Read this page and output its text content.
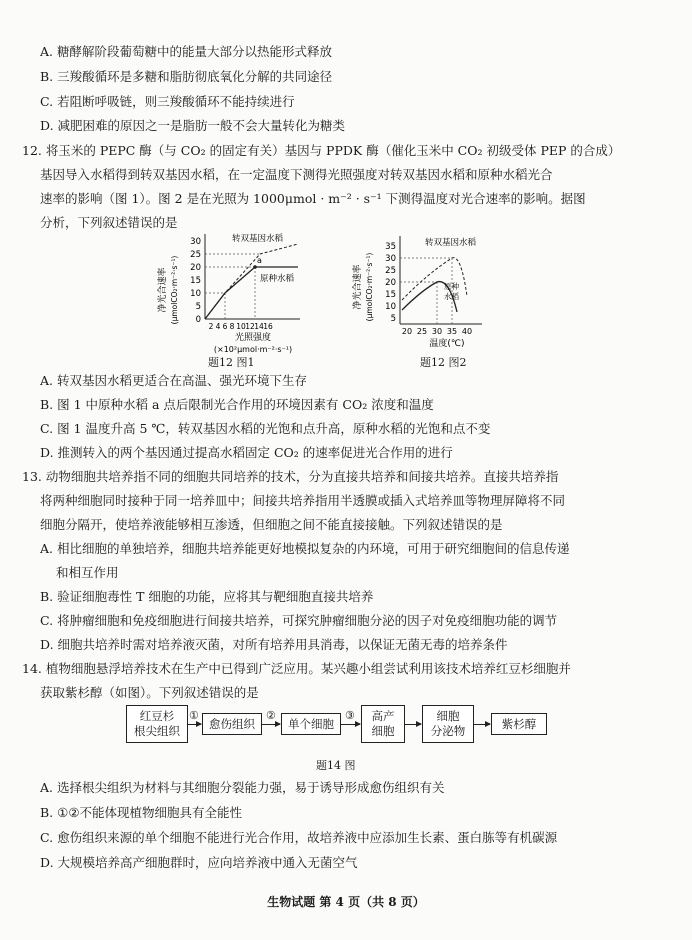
A. 糖酵解阶段葡萄糖中的能量大部分以热能形式释放
B. 三羧酸循环是多糖和脂肪彻底氧化分解的共同途径
C. 若阻断呼吸链，则三羧酸循环不能持续进行
D. 减肥困难的原因之一是脂肪一般不会大量转化为糖类
12. 将玉米的 PEPC 酶（与 CO₂ 的固定有关）基因与 PPDK 酶（催化玉米中 CO₂ 初级受体 PEP 的合成）
基因导入水稻得到转双基因水稻，在一定温度下测得光照强度对转双基因水稻和原种水稻光合
速率的影响（图 1）。图 2 是在光照为 1000μmol · m⁻² · s⁻¹ 下测得温度对光合速率的影响。据图
分析，下列叙述错误的是
净光合速率 (μmolCO₂·m⁻²·s⁻¹)
30
25
20
15
10
5
0
a
转双基因水稻
原种水稻
2 4 6 8 10 12 14 16
光照强度
(×10²μmol·m⁻²·s⁻¹)
题12 图1
净光合速率 (μmolCO₂·m⁻²·s⁻¹)
35
30
25
20
15
10
5
转双基因水稻
原种
水稻
20 25 30 35 40
温度(℃)
题12 图2
A. 转双基因水稻更适合在高温、强光环境下生存
B. 图 1 中原种水稻 a 点后限制光合作用的环境因素有 CO₂ 浓度和温度
C. 图 1 温度升高 5 ℃，转双基因水稻的光饱和点升高，原种水稻的光饱和点不变
D. 推测转入的两个基因通过提高水稻固定 CO₂ 的速率促进光合作用的进行
13. 动物细胞共培养指不同的细胞共同培养的技术，分为直接共培养和间接共培养。直接共培养指
将两种细胞同时接种于同一培养皿中；间接共培养指用半透膜或插入式培养皿等物理屏障将不同
细胞分隔开，使培养液能够相互渗透，但细胞之间不能直接接触。下列叙述错误的是
A. 相比细胞的单独培养，细胞共培养能更好地模拟复杂的内环境，可用于研究细胞间的信息传递
和相互作用
B. 验证细胞毒性 T 细胞的功能，应将其与靶细胞直接共培养
C. 将肿瘤细胞和免疫细胞进行间接共培养，可探究肿瘤细胞分泌的因子对免疫细胞功能的调节
D. 细胞共培养时需对培养液灭菌，对所有培养用具消毒，以保证无菌无毒的培养条件
14. 植物细胞悬浮培养技术在生产中已得到广泛应用。某兴趣小组尝试利用该技术培养红豆杉细胞并
获取紫杉醇（如图）。下列叙述错误的是
红豆杉
根尖组织
①
愈伤组织
②
单个细胞
③ 高产
细胞
细胞
分泌物
紫杉醇
题14 图
A. 选择根尖组织为材料与其细胞分裂能力强，易于诱导形成愈伤组织有关
B. ①②不能体现植物细胞具有全能性
C. 愈伤组织来源的单个细胞不能进行光合作用，故培养液中应添加生长素、蛋白胨等有机碳源
D. 大规模培养高产细胞群时，应向培养液中通入无菌空气
生物试题 第 4 页（共 8 页）
